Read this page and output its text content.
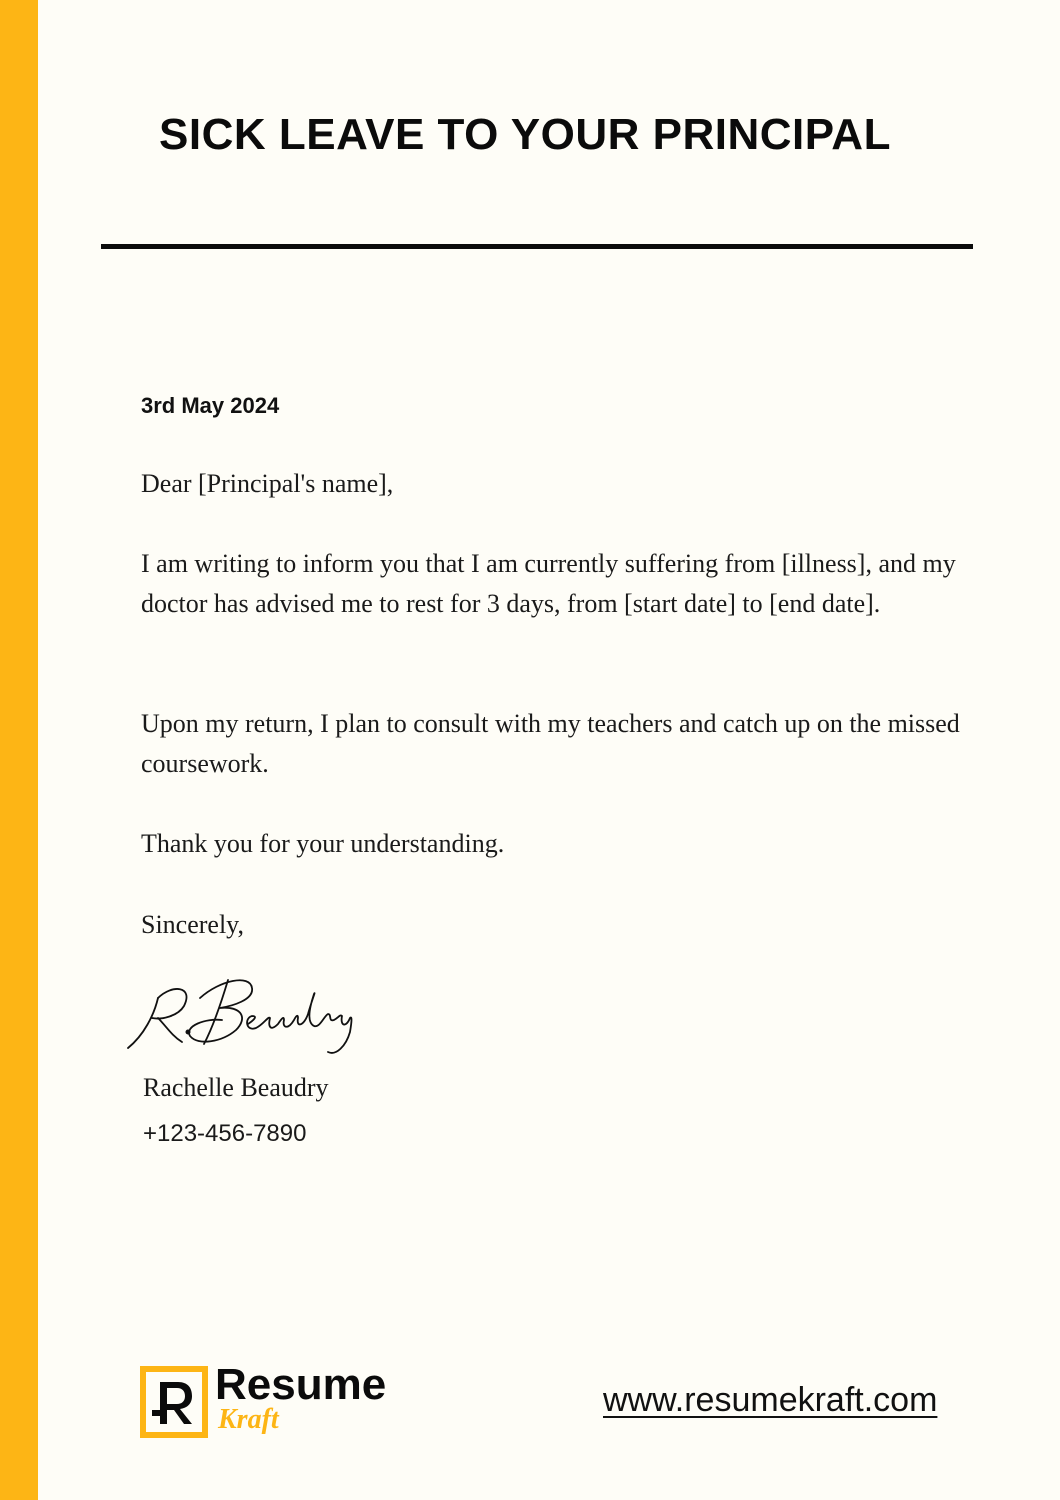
SICK LEAVE TO YOUR PRINCIPAL
3rd May 2024

Dear [Principal's name],

I am writing to inform you that I am currently suffering from [illness], and my doctor has advised me to rest for 3 days, from [start date] to [end date].

Upon my return, I plan to consult with my teachers and catch up on the missed coursework.

Thank you for your understanding.

Sincerely,

Rachelle Beaudry
+123-456-7890
Resume
Kraft
www.resumekraft.com
